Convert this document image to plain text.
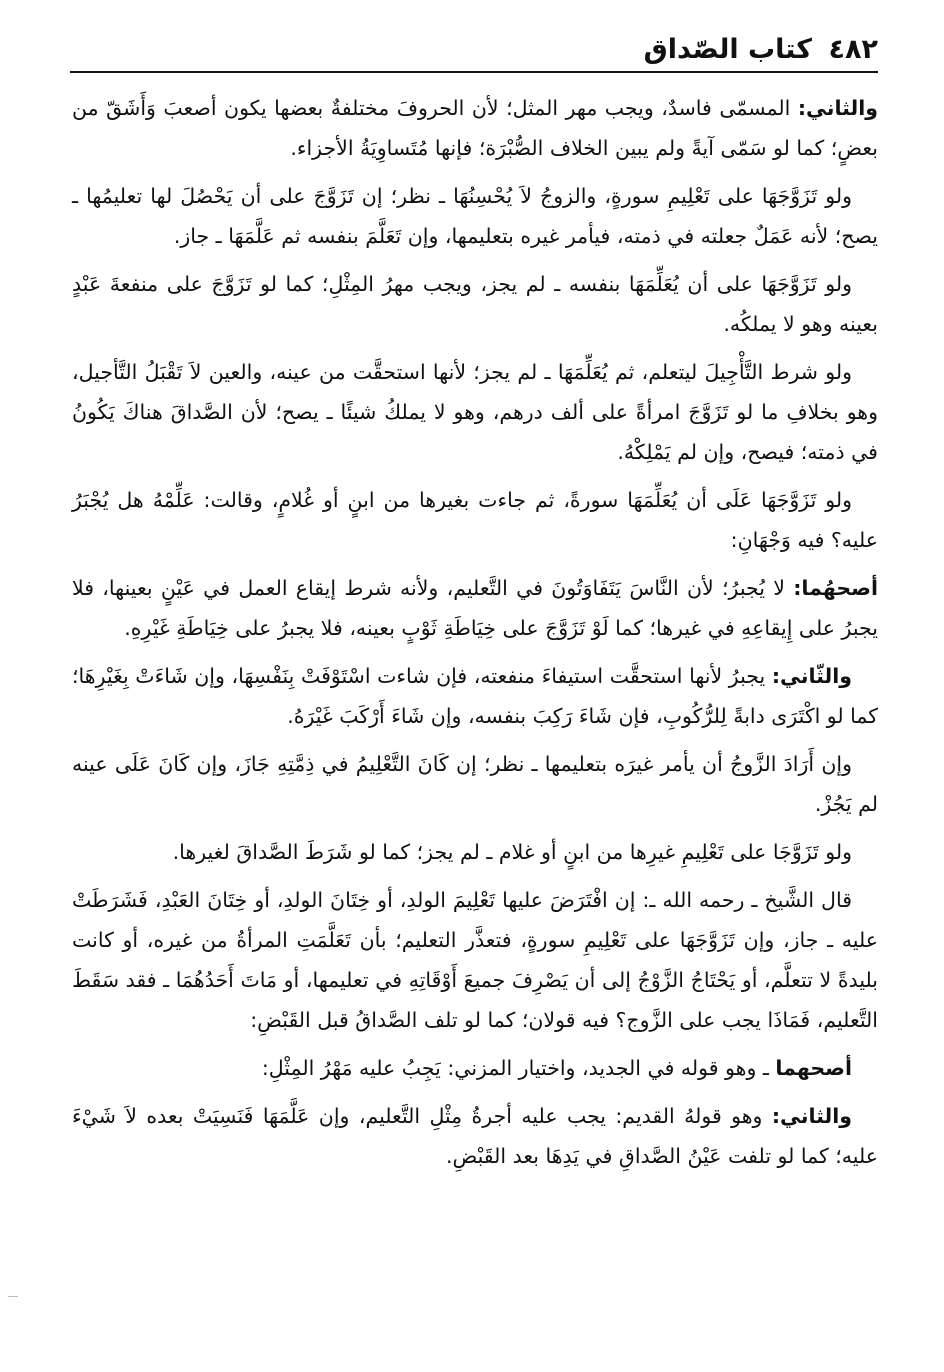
٤٨٢
كتاب الصّداق

والثاني: المسمّى فاسدٌ، ويجب مهر المثل؛ لأن الحروفَ مختلفةٌ بعضها يكون أصعبَ وَأَشَقّ من بعضٍ؛ كما لو سَمّى آيةً ولم يبين الخلاف الصُّبْرَة؛ فإنها مُتَساوِيَةُ الأجزاء.

ولو تَزَوَّجَهَا على تَعْلِيمِ سورةٍ، والزوجُ لاَ يُحْسِنُهَا ـ نظر؛ إن تَزَوَّجَ على أن يَحْصُلَ لها تعليمُها ـ يصح؛ لأنه عَمَلٌ جعلته في ذمته، فيأمر غيره بتعليمها، وإن تَعَلَّمَ بنفسه ثم عَلَّمَهَا ـ جاز.

ولو تَزَوَّجَهَا على أن يُعَلِّمَهَا بنفسه ـ لم يجز، ويجب مهرُ المِثْلِ؛ كما لو تَزَوَّجَ على منفعةَ عَبْدٍ بعينه وهو لا يملكُه.

ولو شرط التَّأْجِيلَ ليتعلم، ثم يُعَلِّمَهَا ـ لم يجز؛ لأنها استحقَّت من عينه، والعين لاَ تَقْبَلُ التَّأجيل، وهو بخلافِ ما لو تَزَوَّجَ امرأةً على ألف درهم، وهو لا يملكُ شيئًا ـ يصح؛ لأن الصَّداقَ هناكَ يَكُونُ في ذمته؛ فيصح، وإن لم يَمْلِكْهُ.

ولو تَزَوَّجَهَا عَلَى أن يُعَلِّمَهَا سورةً، ثم جاءت بغيرها من ابنٍ أو غُلامٍ، وقالت: عَلِّمْهُ هل يُجْبَرُ عليه؟ فيه وَجْهَانِ:

أصحهُما: لا يُجبرُ؛ لأن النَّاسَ يَتَفَاوَتُونَ في التَّعليم، ولأنه شرط إيقاع العمل في عَيْنٍ بعينها، فلا يجبرُ على إِيقاعِهِ في غيرها؛ كما لَوْ تَزَوَّجَ على خِيَاطَةِ ثَوْبٍ بعينه، فلا يجبرُ على خِيَاطَةِ غَيْرِهِ.

والثّاني: يجبرُ لأنها استحقَّت استيفاءَ منفعته، فإن شاءت اسْتَوْفَتْ بِنَفْسِهَا، وإن شَاءَتْ بِغَيْرِهَا؛ كما لو اكْتَرَى دابةً لِلرُّكُوبِ، فإن شَاءَ رَكِبَ بنفسه، وإن شَاءَ أَرْكَبَ غَيْرَهُ.

وإن أَرَادَ الزَّوجُ أن يأمر غيرَه بتعليمها ـ نظر؛ إن كَانَ التَّعْلِيمُ في ذِمَّتِهِ جَازَ، وإن كَانَ عَلَى عينه لم يَجُزْ.

ولو تَزَوَّجَا على تَعْلِيمِ غيرِها من ابنٍ أو غلام ـ لم يجز؛ كما لو شَرَطَ الصَّداقَ لغيرها.

قال الشَّيخ ـ رحمه الله ـ: إن افْتَرَضَ عليها تَعْلِيمَ الولدِ، أو خِتَانَ الولدِ، أو خِتَانَ العَبْدِ، فَشَرَطَتْ عليه ـ جاز، وإن تَزَوَّجَهَا على تَعْلِيمِ سورةٍ، فتعذَّر التعليم؛ بأن تَعَلَّمَتِ المرأةُ من غيره، أو كانت بليدةً لا تتعلَّم، أو يَحْتَاجُ الزَّوْجُ إلى أن يَصْرِفَ جميعَ أَوْقَاتِهِ في تعليمها، أو مَاتَ أَحَدُهُمَا ـ فقد سَقَطَ التَّعليم، فَمَاذَا يجب على الزَّوج؟ فيه قولان؛ كما لو تلف الصَّداقُ قبل القَبْضِ:

أصحهما ـ وهو قوله في الجديد، واختيار المزني: يَجِبُ عليه مَهْرُ المِثْلِ:

والثاني: وهو قولهُ القديم: يجب عليه أجرةُ مِثْلِ التَّعليم، وإن عَلَّمَهَا فَنَسِيَتْ بعده لاَ شَيْءَ عليه؛ كما لو تلفت عَيْنُ الصَّداقِ في يَدِهَا بعد القَبْضِ.
